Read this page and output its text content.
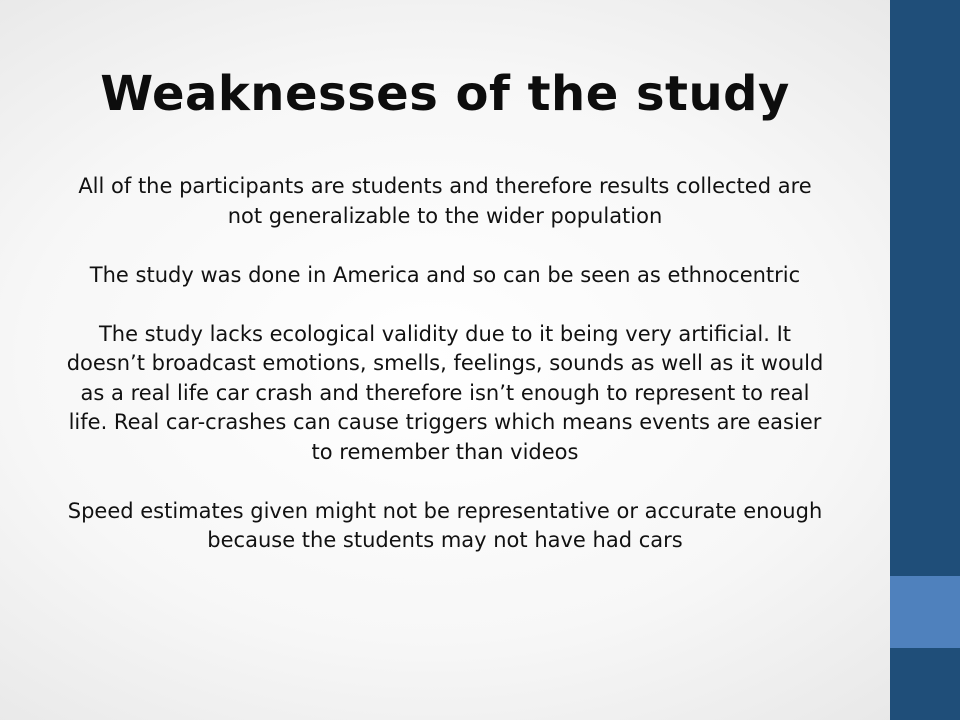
Weaknesses of the study

All of the participants are students and therefore results collected are not generalizable to the wider population

The study was done in America and so can be seen as ethnocentric

The study lacks ecological validity due to it being very artificial. It doesn’t broadcast emotions, smells, feelings, sounds as well as it would as a real life car crash and therefore isn’t enough to represent to real life. Real car-crashes can cause triggers which means events are easier to remember than videos

Speed estimates given might not be representative or accurate enough because the students may not have had cars
